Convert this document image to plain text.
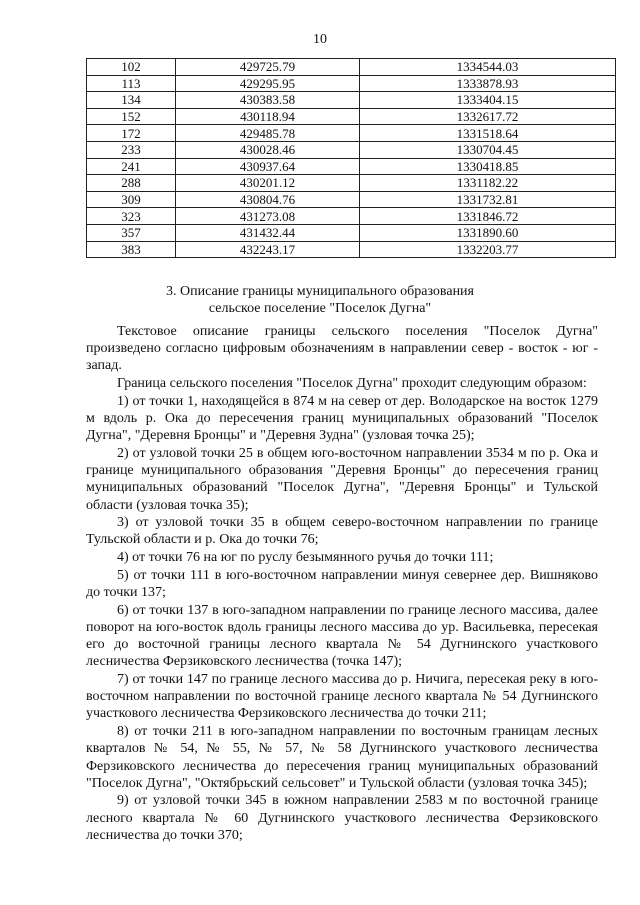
10
102	429725.79	1334544.03
113	429295.95	1333878.93
134	430383.58	1333404.15
152	430118.94	1332617.72
172	429485.78	1331518.64
233	430028.46	1330704.45
241	430937.64	1330418.85
288	430201.12	1331182.22
309	430804.76	1331732.81
323	431273.08	1331846.72
357	431432.44	1331890.60
383	432243.17	1332203.77
3. Описание границы муниципального образования
сельское поселение "Поселок Дугна"

Текстовое описание границы сельского поселения "Поселок Дугна" произведено согласно цифровым обозначениям в направлении север - восток - юг - запад.

Граница сельского поселения "Поселок Дугна" проходит следующим образом:

1) от точки 1, находящейся в 874 м на север от дер. Володарское на восток 1279 м вдоль р. Ока до пересечения границ муниципальных образований "Поселок Дугна", "Деревня Бронцы" и "Деревня Зудна" (узловая точка 25);

2) от узловой точки 25 в общем юго-восточном направлении 3534 м по р. Ока и границе муниципального образования "Деревня Бронцы" до пересечения границ муниципальных образований "Поселок Дугна", "Деревня Бронцы" и Тульской области (узловая точка 35);

3) от узловой точки 35 в общем северо-восточном направлении по границе Тульской области и р. Ока до точки 76;

4) от точки 76 на юг по руслу безымянного ручья до точки 111;

5) от точки 111 в юго-восточном направлении минуя севернее дер. Вишняково до точки 137;

6) от точки 137 в юго-западном направлении по границе лесного массива, далее поворот на юго-восток вдоль границы лесного массива до ур. Васильевка, пересекая его до восточной границы лесного квартала № 54 Дугнинского участкового лесничества Ферзиковского лесничества (точка 147);

7) от точки 147 по границе лесного массива до р. Ничига, пересекая реку в юго-восточном направлении по восточной границе лесного квартала № 54 Дугнинского участкового лесничества Ферзиковского лесничества до точки 211;

8) от точки 211 в юго-западном направлении по восточным границам лесных кварталов № 54, № 55, № 57, № 58 Дугнинского участкового лесничества Ферзиковского лесничества до пересечения границ муниципальных образований "Поселок Дугна", "Октябрьский сельсовет" и Тульской области (узловая точка 345);

9) от узловой точки 345 в южном направлении 2583 м по восточной границе лесного квартала № 60 Дугнинского участкового лесничества Ферзиковского лесничества до точки 370;
